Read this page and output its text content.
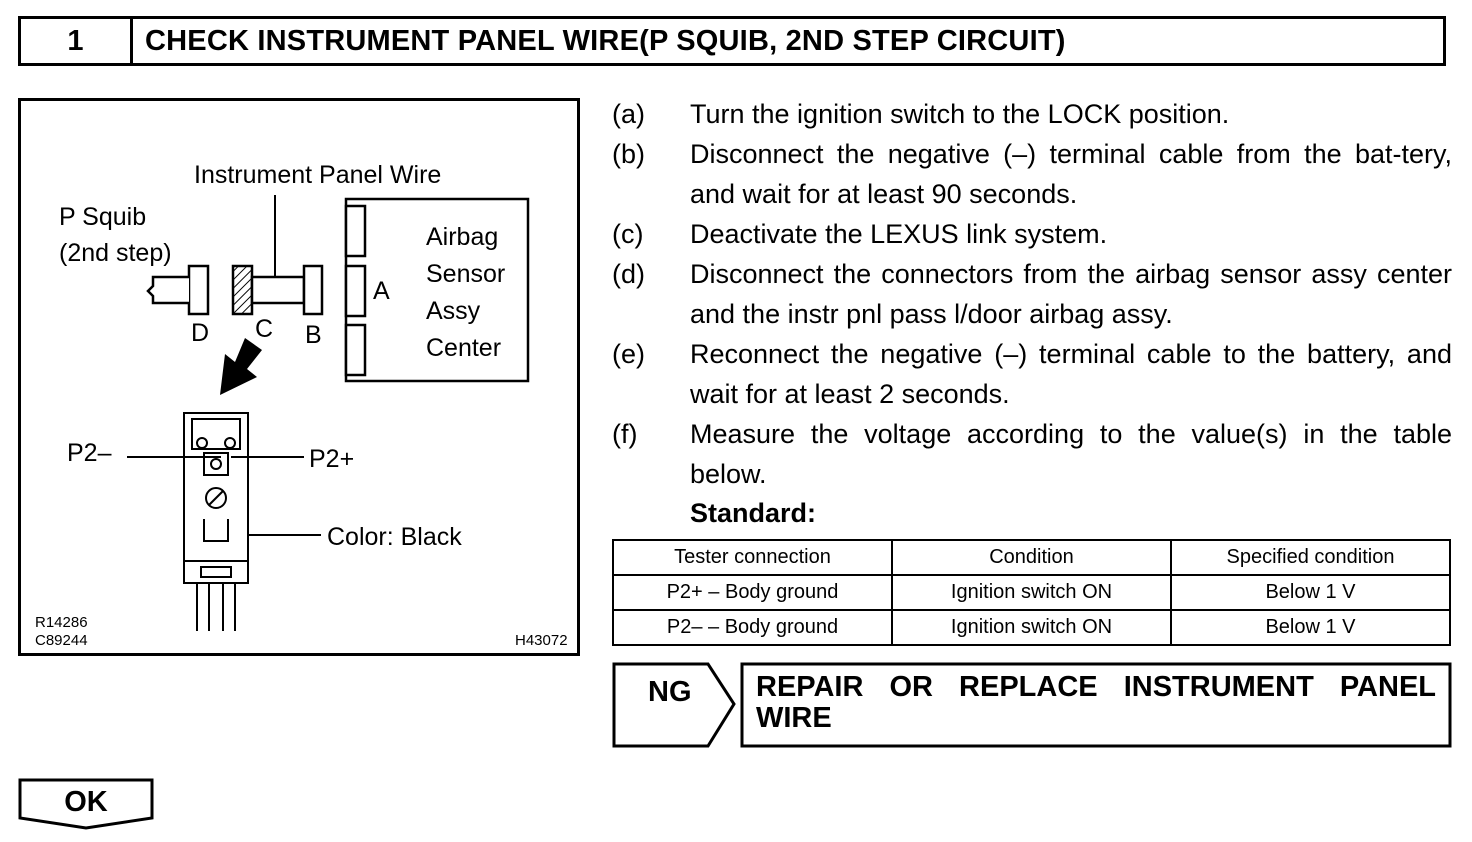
1	CHECK INSTRUMENT PANEL WIRE(P SQUIB, 2ND STEP CIRCUIT)
Instrument Panel Wire
P Squib
(2nd step)
Airbag
Sensor
Assy
Center
A
B
C
D
P2–	P2+
Color: Black
R14286
C89244	H43072
(a)	Turn the ignition switch to the LOCK position.
(b)	Disconnect the negative (–) terminal cable from the bat-tery, and wait for at least 90 seconds.
(c)	Deactivate the LEXUS link system.
(d)	Disconnect the connectors from the airbag sensor assy center and the instr pnl pass l/door airbag assy.
(e)	Reconnect the negative (–) terminal cable to the battery, and wait for at least 2 seconds.
(f)	Measure the voltage according to the value(s) in the table below.
Standard:
Tester connection	Condition	Specified condition
P2+ – Body ground	Ignition switch ON	Below 1 V
P2– – Body ground	Ignition switch ON	Below 1 V
NG REPAIR OR REPLACE INSTRUMENT PANEL
WIRE
OK
